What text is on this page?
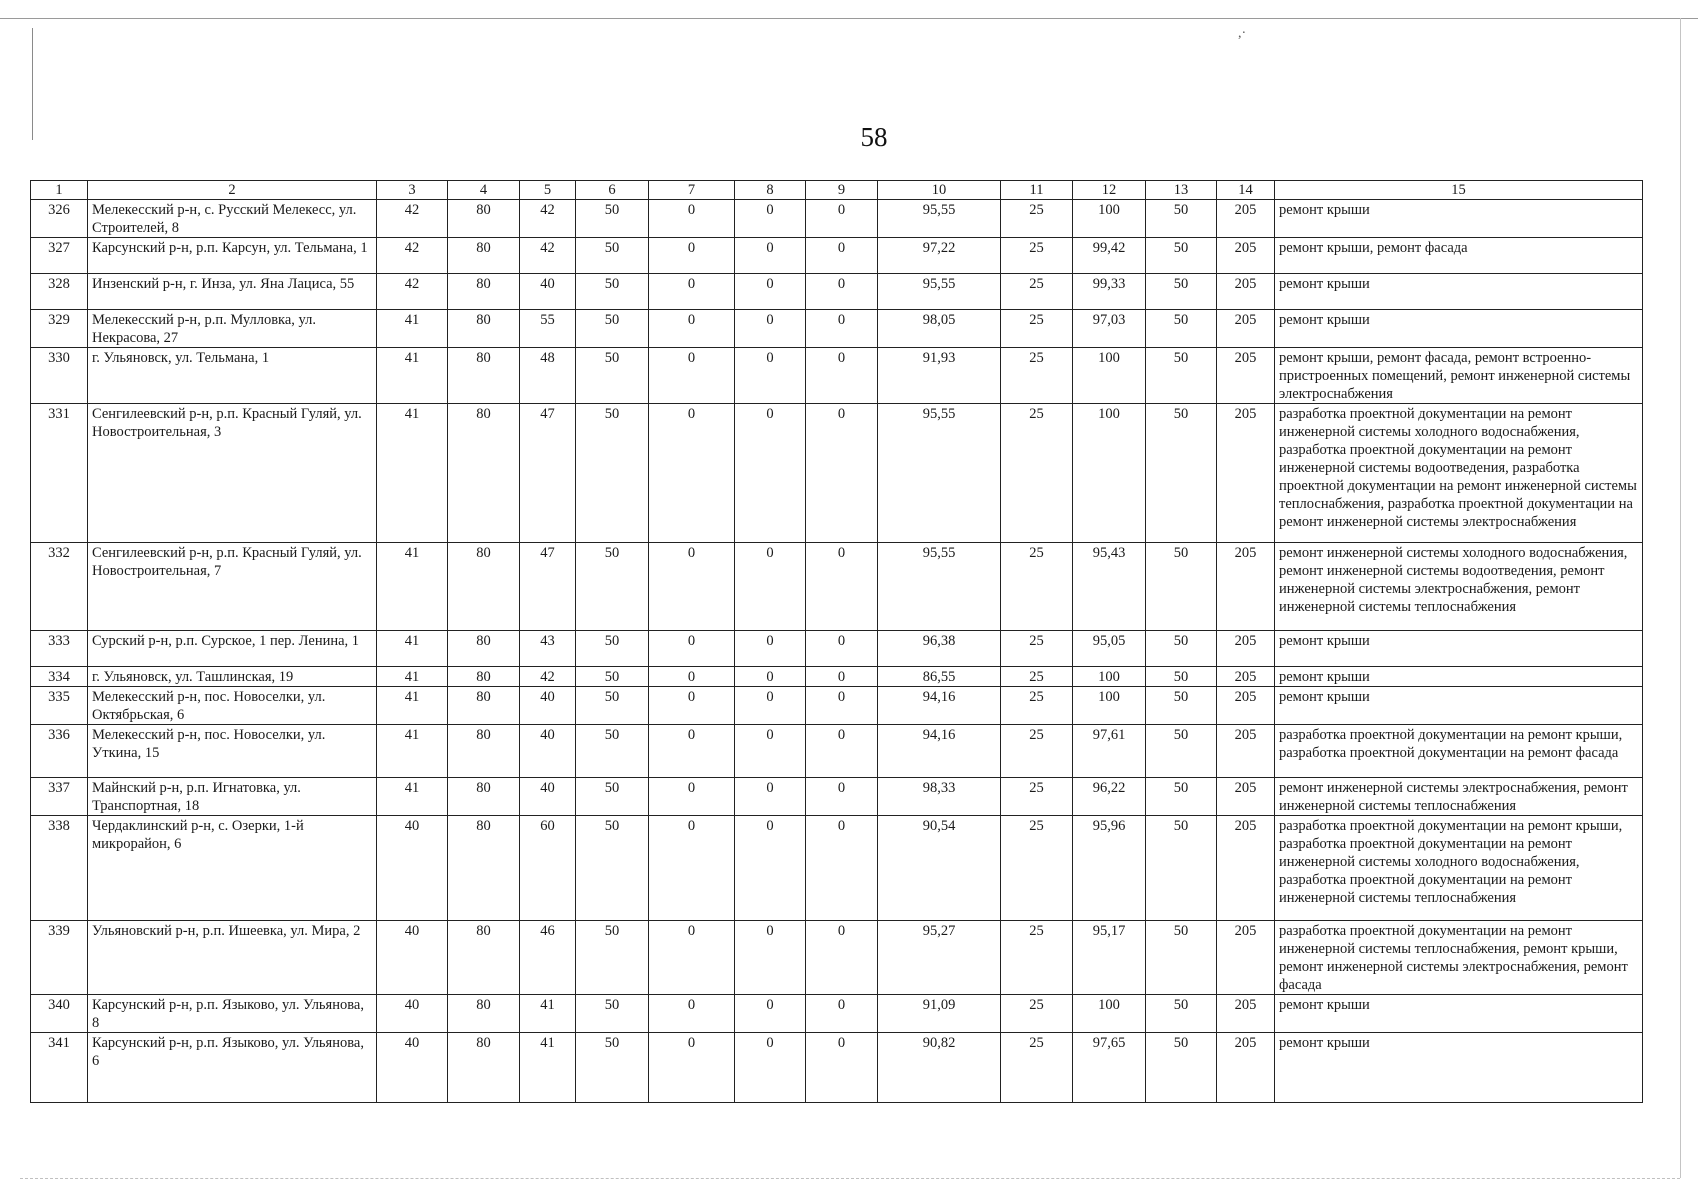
,·
58
1	2	3	4	5	6	7	8	9	10	11	12	13	14	15
326	Мелекесский р-н, с. Русский Мелекесс, ул. Строителей, 8	42	80	42	50	0	0	0	95,55	25	100	50	205	ремонт крыши
327	Карсунский р-н, р.п. Карсун, ул. Тельмана, 1	42	80	42	50	0	0	0	97,22	25	99,42	50	205	ремонт крыши, ремонт фасада
328	Инзенский р-н, г. Инза, ул. Яна Лациса, 55	42	80	40	50	0	0	0	95,55	25	99,33	50	205	ремонт крыши
329	Мелекесский р-н, р.п. Мулловка, ул. Некрасова, 27	41	80	55	50	0	0	0	98,05	25	97,03	50	205	ремонт крыши
330	г. Ульяновск, ул. Тельмана, 1	41	80	48	50	0	0	0	91,93	25	100	50	205	ремонт крыши, ремонт фасада, ремонт встроенно-пристроенных помещений, ремонт инженерной системы электроснабжения
331	Сенгилеевский р-н, р.п. Красный Гуляй, ул. Новостроительная, 3	41	80	47	50	0	0	0	95,55	25	100	50	205	разработка проектной документации на ремонт инженерной системы холодного водоснабжения, разработка проектной документации на ремонт инженерной системы водоотведения, разработка проектной документации на ремонт инженерной системы теплоснабжения, разработка проектной документации на ремонт инженерной системы электроснабжения
332	Сенгилеевский р-н, р.п. Красный Гуляй, ул. Новостроительная, 7	41	80	47	50	0	0	0	95,55	25	95,43	50	205	ремонт инженерной системы холодного водоснабжения, ремонт инженерной системы водоотведения, ремонт инженерной системы электроснабжения, ремонт инженерной системы теплоснабжения
333	Сурский р-н, р.п. Сурское, 1 пер. Ленина, 1	41	80	43	50	0	0	0	96,38	25	95,05	50	205	ремонт крыши
334	г. Ульяновск, ул. Ташлинская, 19	41	80	42	50	0	0	0	86,55	25	100	50	205	ремонт крыши
335	Мелекесский р-н, пос. Новоселки, ул. Октябрьская, 6	41	80	40	50	0	0	0	94,16	25	100	50	205	ремонт крыши
336	Мелекесский р-н, пос. Новоселки, ул. Уткина, 15	41	80	40	50	0	0	0	94,16	25	97,61	50	205	разработка проектной документации на ремонт крыши, разработка проектной документации на ремонт фасада
337	Майнский р-н, р.п. Игнатовка, ул. Транспортная, 18	41	80	40	50	0	0	0	98,33	25	96,22	50	205	ремонт инженерной системы электроснабжения, ремонт инженерной системы теплоснабжения
338	Чердаклинский р-н, с. Озерки, 1-й микрорайон, 6	40	80	60	50	0	0	0	90,54	25	95,96	50	205	разработка проектной документации на ремонт крыши, разработка проектной документации на ремонт инженерной системы холодного водоснабжения, разработка проектной документации на ремонт инженерной системы теплоснабжения
339	Ульяновский р-н, р.п. Ишеевка, ул. Мира, 2	40	80	46	50	0	0	0	95,27	25	95,17	50	205	разработка проектной документации на ремонт инженерной системы теплоснабжения, ремонт крыши, ремонт инженерной системы электроснабжения, ремонт фасада
340	Карсунский р-н, р.п. Языково, ул. Ульянова, 8	40	80	41	50	0	0	0	91,09	25	100	50	205	ремонт крыши
341	Карсунский р-н, р.п. Языково, ул. Ульянова, 6	40	80	41	50	0	0	0	90,82	25	97,65	50	205	ремонт крыши
